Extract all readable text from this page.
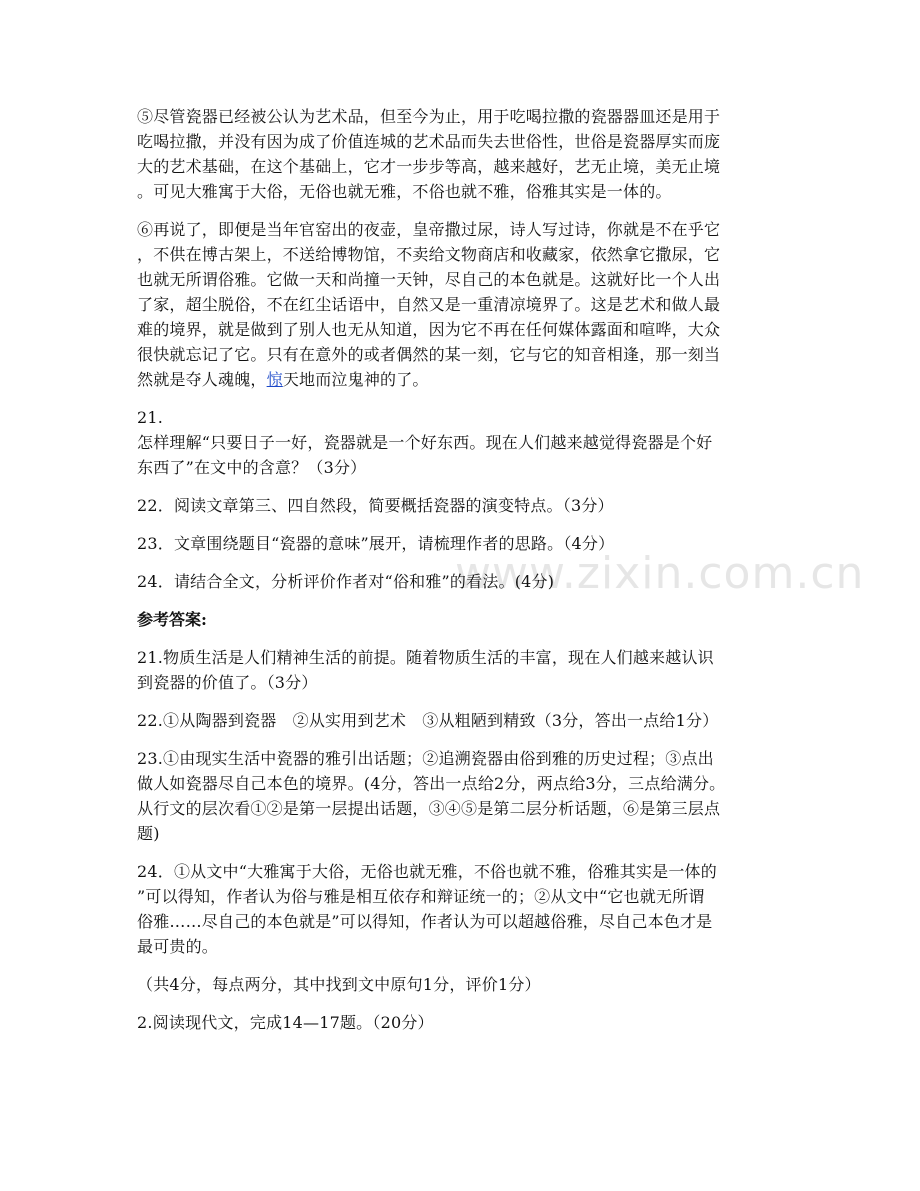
www.zixin.com.cn

⑤尽管瓷器已经被公认为艺术品，但至今为止，用于吃喝拉撒的瓷器器皿还是用于
吃喝拉撒，并没有因为成了价值连城的艺术品而失去世俗性，世俗是瓷器厚实而庞
大的艺术基础，在这个基础上，它才一步步等高，越来越好，艺无止境，美无止境
。可见大雅寓于大俗，无俗也就无雅，不俗也就不雅，俗雅其实是一体的。

⑥再说了，即便是当年官窑出的夜壶，皇帝撒过尿，诗人写过诗，你就是不在乎它
，不供在博古架上，不送给博物馆，不卖给文物商店和收藏家，依然拿它撒尿，它
也就无所谓俗雅。它做一天和尚撞一天钟，尽自己的本色就是。这就好比一个人出
了家，超尘脱俗，不在红尘话语中，自然又是一重清凉境界了。这是艺术和做人最
难的境界，就是做到了别人也无从知道，因为它不再在任何媒体露面和喧哗，大众
很快就忘记了它。只有在意外的或者偶然的某一刻，它与它的知音相逢，那一刻当
然就是夺人魂魄，惊天地而泣鬼神的了。

21.
怎样理解“只要日子一好，瓷器就是一个好东西。现在人们越来越觉得瓷器是个好
东西了”在文中的含意？（3分）

22．阅读文章第三、四自然段，简要概括瓷器的演变特点。（3分）

23．文章围绕题目“瓷器的意味”展开，请梳理作者的思路。（4分）

24．请结合全文，分析评价作者对“俗和雅”的看法。(4分)

参考答案:

21.物质生活是人们精神生活的前提。随着物质生活的丰富，现在人们越来越认识
到瓷器的价值了。（3分）

22.①从陶器到瓷器　②从实用到艺术　③从粗陋到精致（3分，答出一点给1分）

23.①由现实生活中瓷器的雅引出话题；②追溯瓷器由俗到雅的历史过程；③点出
做人如瓷器尽自己本色的境界。(4分，答出一点给2分，两点给3分，三点给满分。
从行文的层次看①②是第一层提出话题，③④⑤是第二层分析话题，⑥是第三层点
题)

24．①从文中“大雅寓于大俗，无俗也就无雅，不俗也就不雅，俗雅其实是一体的
”可以得知，作者认为俗与雅是相互依存和辩证统一的；②从文中“它也就无所谓
俗雅……尽自己的本色就是”可以得知，作者认为可以超越俗雅，尽自己本色才是
最可贵的。

（共4分，每点两分，其中找到文中原句1分，评价1分）

2.阅读现代文，完成14—17题。（20分）
